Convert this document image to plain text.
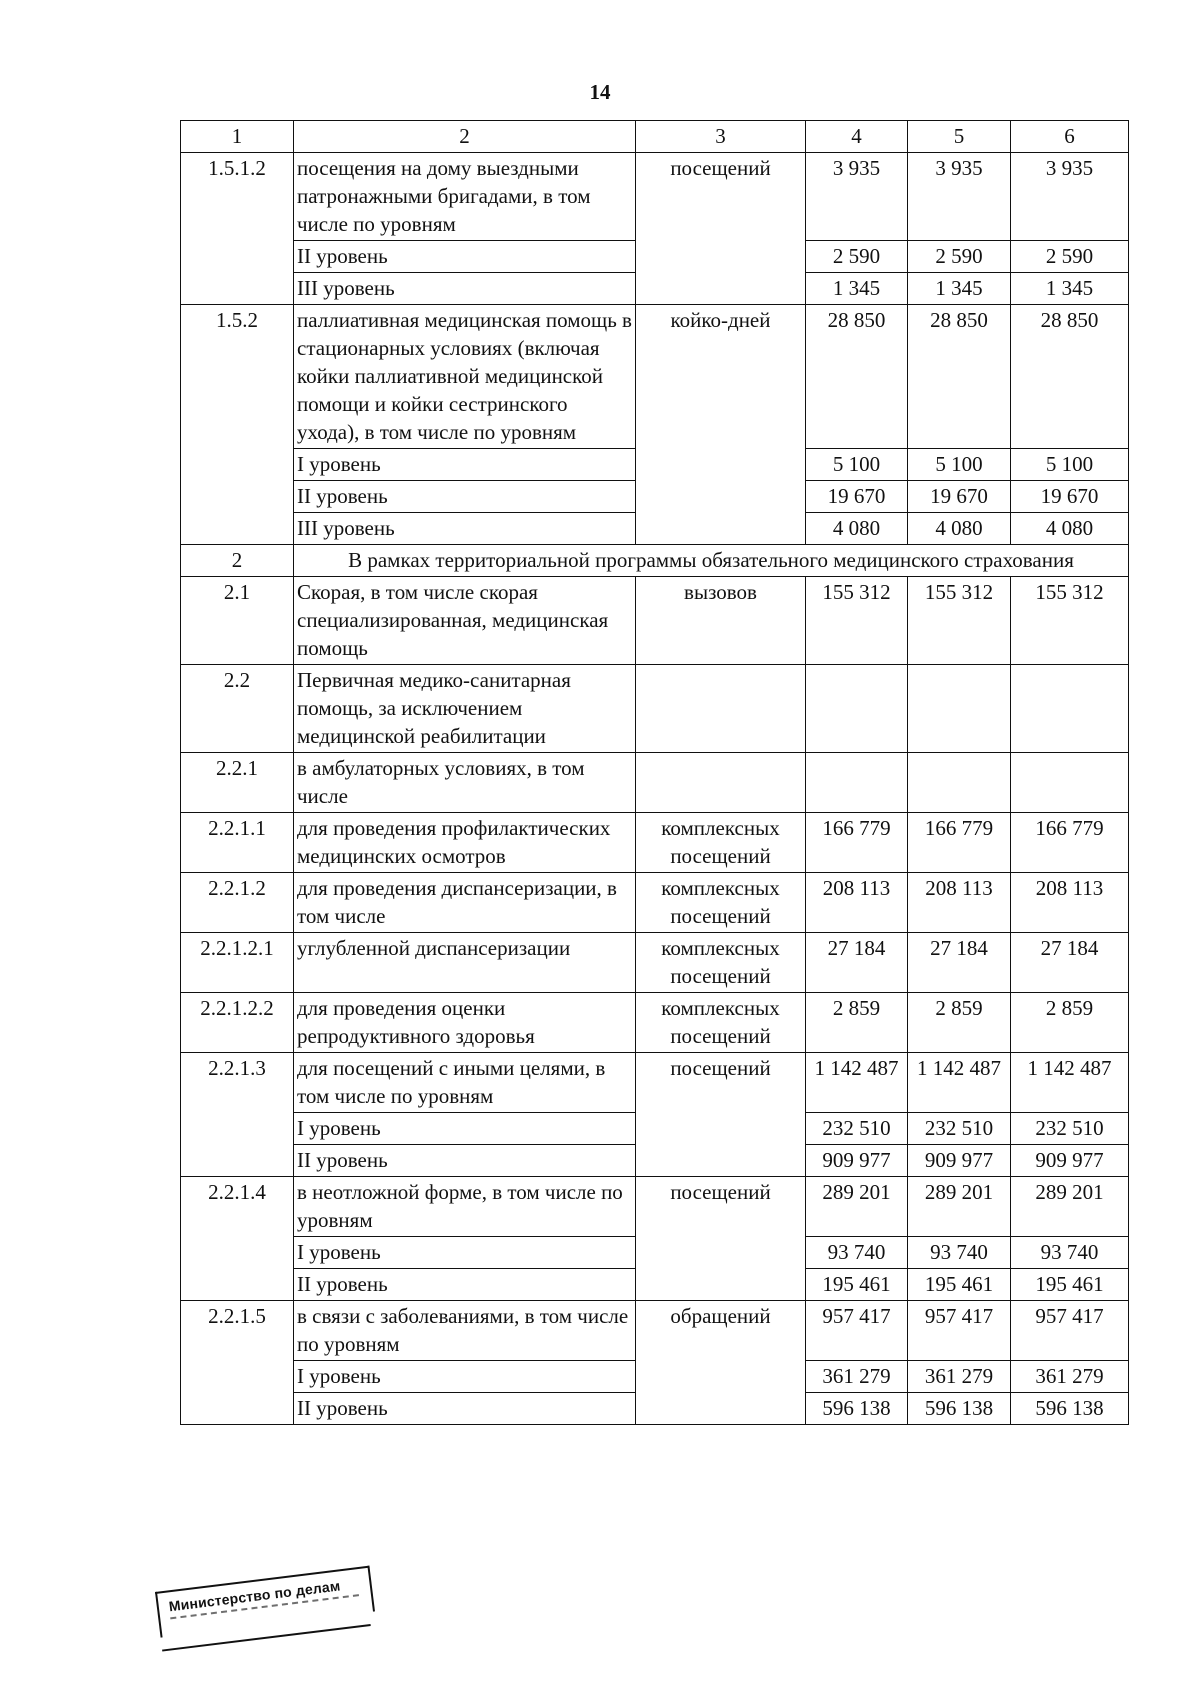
14
1	2	3	4	5	6
1.5.1.2	посещения на дому выездными патронажными бригадами, в том числе по уровням	посещений	3 935	3 935	3 935
	II уровень		2 590	2 590	2 590
	III уровень		1 345	1 345	1 345
1.5.2	паллиативная медицинская помощь в стационарных условиях (включая койки паллиативной медицинской помощи и койки сестринского ухода), в том числе по уровням	койко-дней	28 850	28 850	28 850
	I уровень		5 100	5 100	5 100
	II уровень		19 670	19 670	19 670
	III уровень		4 080	4 080	4 080
2	В рамках территориальной программы обязательного медицинского страхования				
2.1	Скорая, в том числе скорая специализированная, медицинская помощь	вызовов	155 312	155 312	155 312
2.2	Первичная медико-санитарная помощь, за исключением медицинской реабилитации				
2.2.1	в амбулаторных условиях, в том числе				
2.2.1.1	для проведения профилактических медицинских осмотров	комплексных посещений	166 779	166 779	166 779
2.2.1.2	для проведения диспансеризации, в том числе	комплексных посещений	208 113	208 113	208 113
2.2.1.2.1	углубленной диспансеризации	комплексных посещений	27 184	27 184	27 184
2.2.1.2.2	для проведения оценки репродуктивного здоровья	комплексных посещений	2 859	2 859	2 859
2.2.1.3	для посещений с иными целями, в том числе по уровням	посещений	1 142 487	1 142 487	1 142 487
	I уровень		232 510	232 510	232 510
	II уровень		909 977	909 977	909 977
2.2.1.4	в неотложной форме, в том числе по уровням	посещений	289 201	289 201	289 201
	I уровень		93 740	93 740	93 740
	II уровень		195 461	195 461	195 461
2.2.1.5	в связи с заболеваниями, в том числе по уровням	обращений	957 417	957 417	957 417
	I уровень		361 279	361 279	361 279
	II уровень		596 138	596 138	596 138
Министерство по делам
